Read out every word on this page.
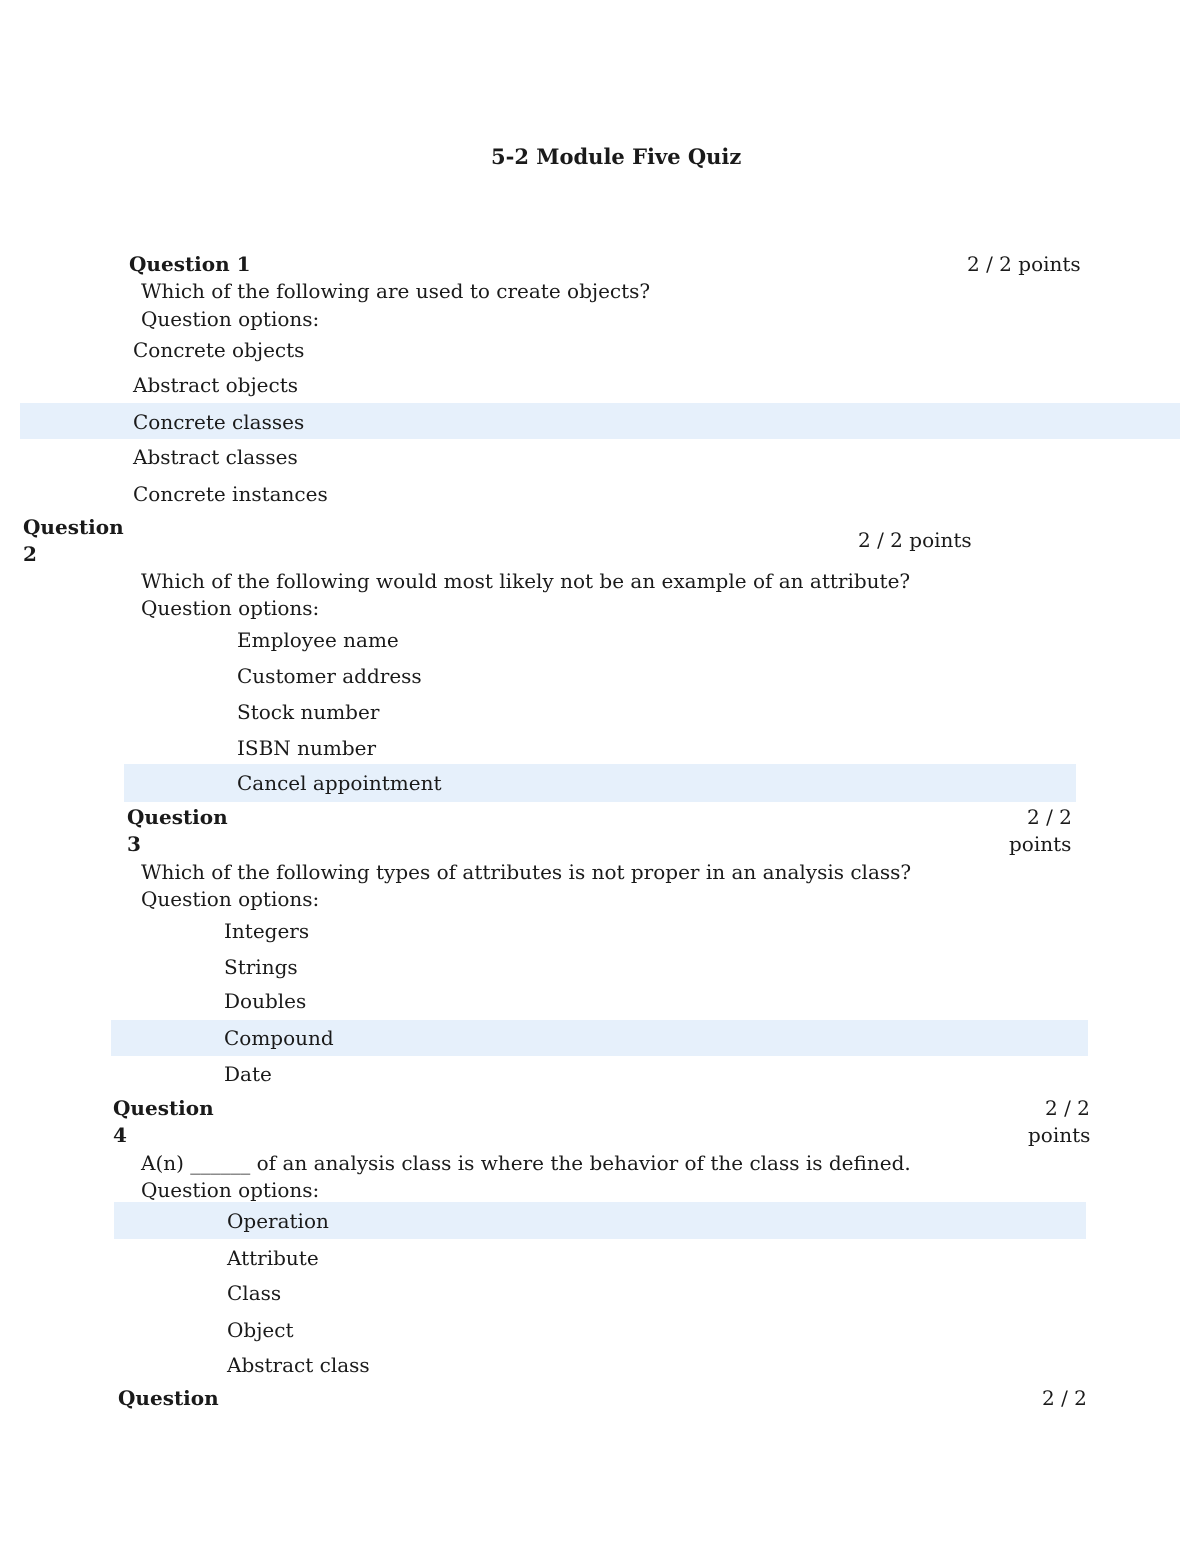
5-2 Module Five Quiz
Question 1	2 / 2 points
Which of the following are used to create objects?
Question options:
Concrete objects
Abstract objects
Concrete classes
Abstract classes
Concrete instances
Question
2
2 / 2 points
Which of the following would most likely not be an example of an attribute?
Question options:
Employee name
Customer address
Stock number
ISBN number
Cancel appointment
Question
3
2 / 2
points
Which of the following types of attributes is not proper in an analysis class?
Question options:
Integers
Strings
Doubles
Compound
Date
Question
4
2 / 2
points
A(n) ______ of an analysis class is where the behavior of the class is defined.
Question options:
Operation
Attribute
Class
Object
Abstract class
Question	2 / 2
